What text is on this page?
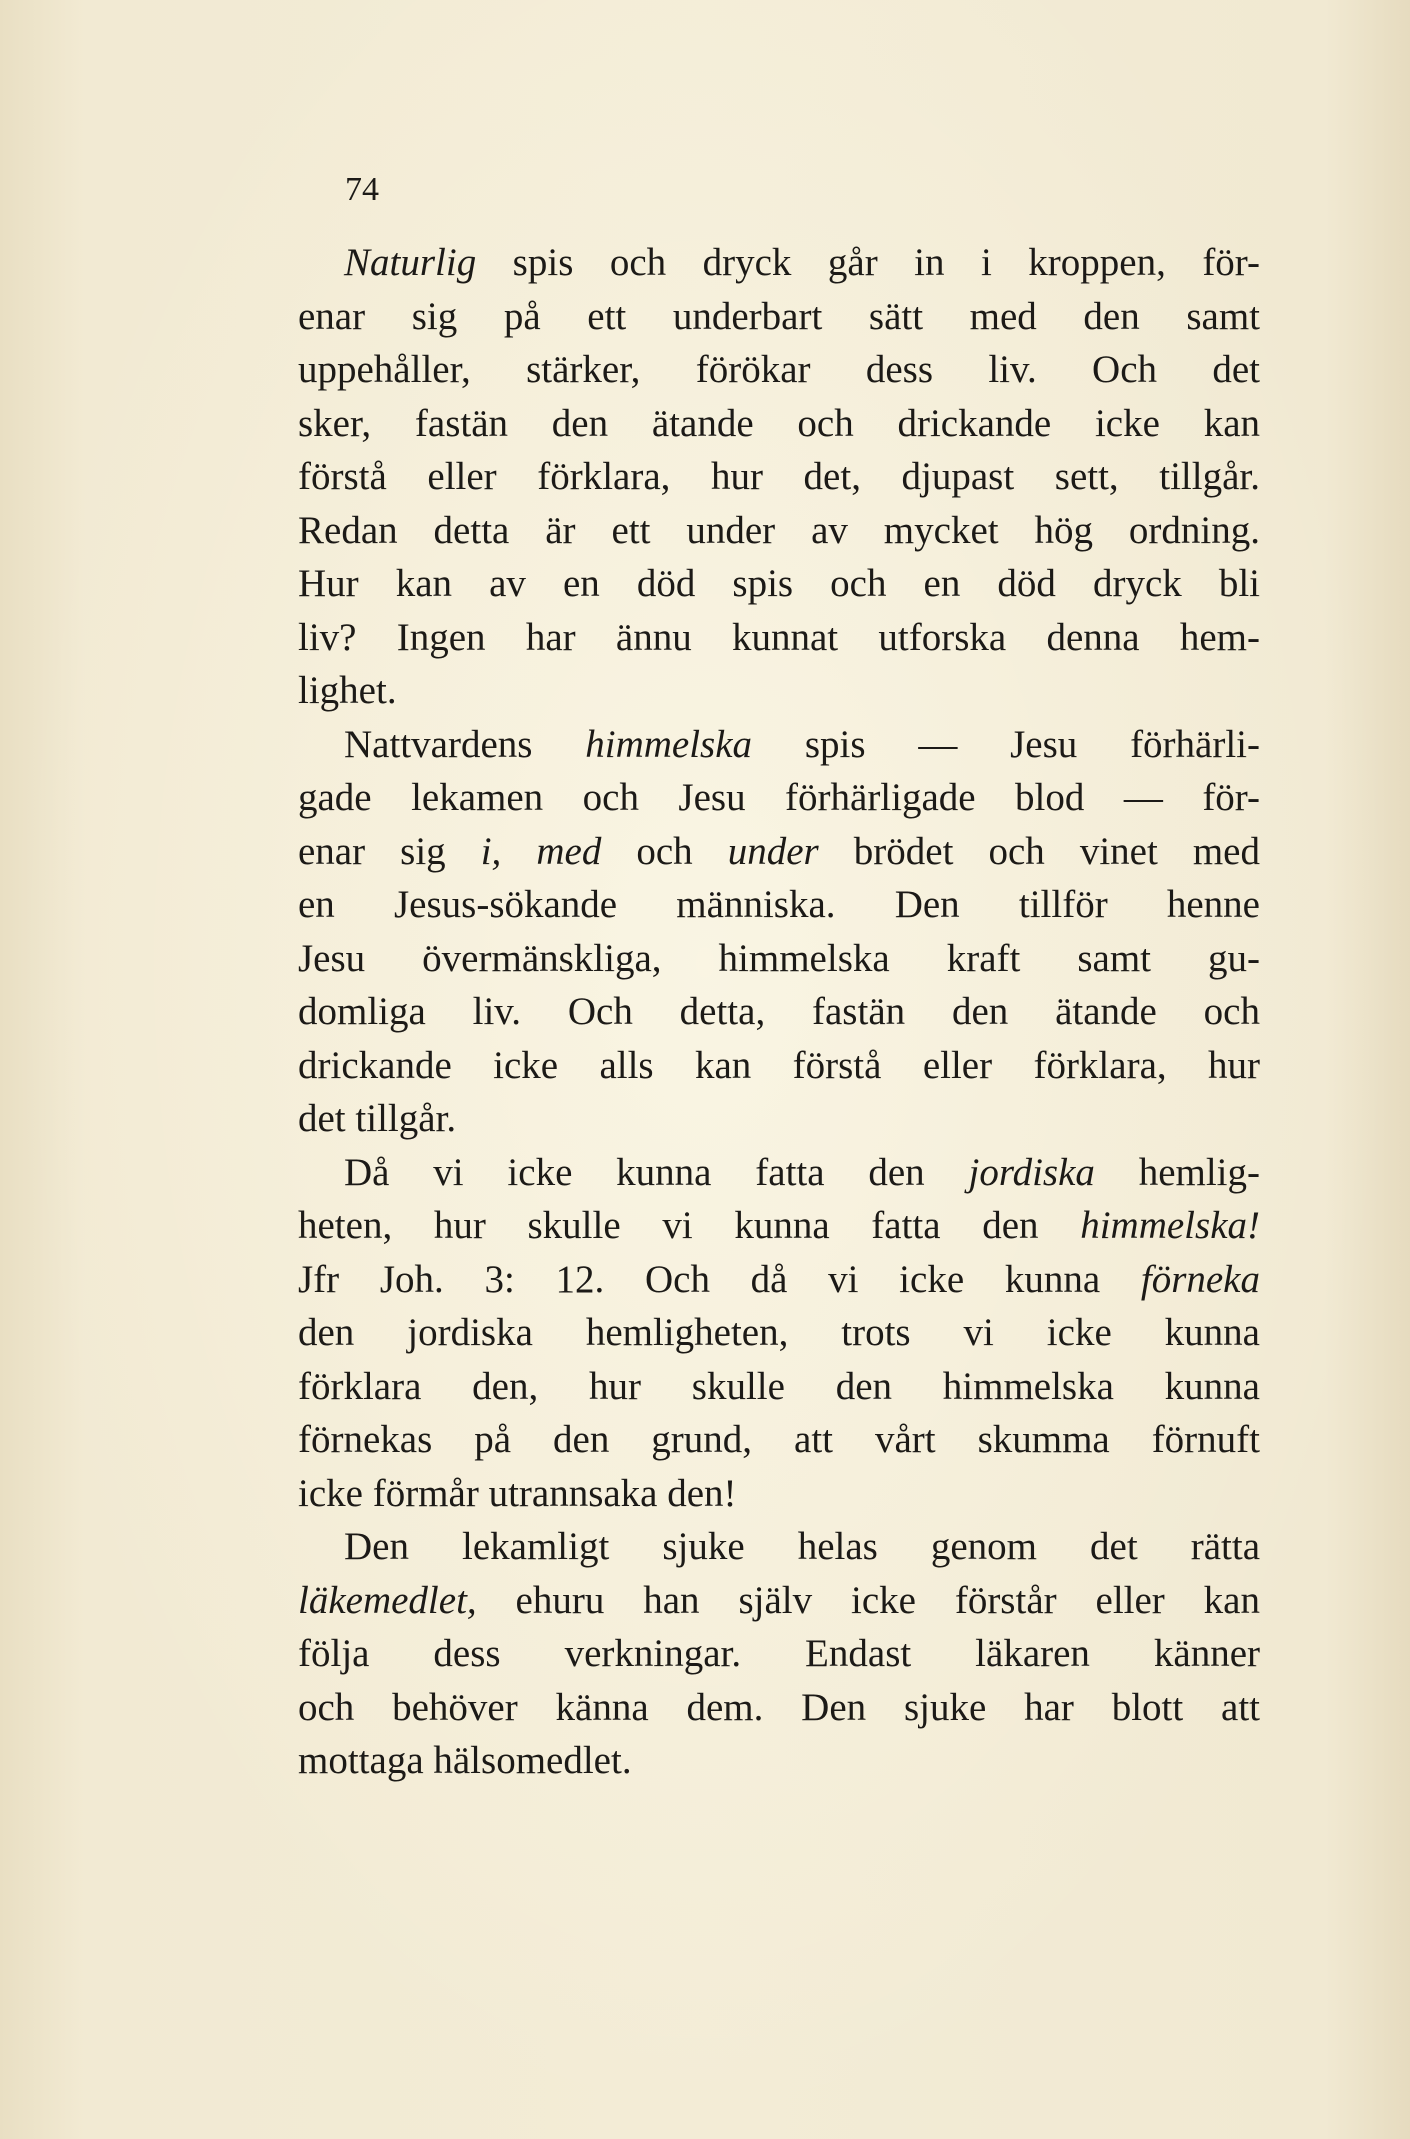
74

Naturlig spis och dryck går in i kroppen, för-
enar sig på ett underbart sätt med den samt
uppehåller, stärker, förökar dess liv. Och det
sker, fastän den ätande och drickande icke kan
förstå eller förklara, hur det, djupast sett, tillgår.
Redan detta är ett under av mycket hög ordning.
Hur kan av en död spis och en död dryck bli
liv? Ingen har ännu kunnat utforska denna hem-
lighet.

Nattvardens himmelska spis — Jesu förhärli-
gade lekamen och Jesu förhärligade blod — för-
enar sig i, med och under brödet och vinet med
en Jesus-sökande människa. Den tillför henne
Jesu övermänskliga, himmelska kraft samt gu-
domliga liv. Och detta, fastän den ätande och
drickande icke alls kan förstå eller förklara, hur
det tillgår.

Då vi icke kunna fatta den jordiska hemlig-
heten, hur skulle vi kunna fatta den himmelska!
Jfr Joh. 3: 12. Och då vi icke kunna förneka
den jordiska hemligheten, trots vi icke kunna
förklara den, hur skulle den himmelska kunna
förnekas på den grund, att vårt skumma förnuft
icke förmår utrannsaka den!

Den lekamligt sjuke helas genom det rätta
läkemedlet, ehuru han själv icke förstår eller kan
följa dess verkningar. Endast läkaren känner
och behöver känna dem. Den sjuke har blott att
mottaga hälsomedlet.
